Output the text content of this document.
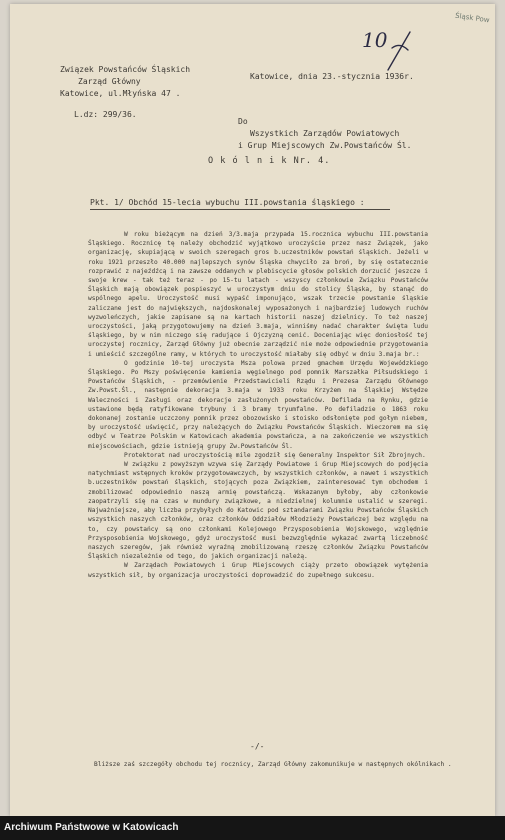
Związek Powstańców Śląskich
Zarząd Główny
Katowice, ul.Młyńska 47 .
Katowice, dnia 23.-stycznia 1936r.
L.dz: 299/36.
Do
Wszystkich Zarządów Powiatowych
i Grup Miejscowych Zw.Powstańców Śl.
O k ó l n i k Nr. 4.
Pkt. 1/ Obchód 15-lecia wybuchu III.powstania śląskiego :

W roku bieżącym na dzień 3/3.maja przypada 15.rocznica wybuchu III.powstania Śląskiego. Rocznicę tę należy obchodzić wyjątkowo uroczyście przez nasz Związek, jako organizację, skupiającą w swoich szeregach gros b.uczestników powstań śląskich. Jeżeli w roku 1921 przeszło 40.000 najlepszych synów Śląska chwyciło za broń, by się ostatecznie rozprawić z najeźdźcą i na zawsze oddanych w plebiscycie głosów polskich dorzucić jeszcze i swoje krew - tak też teraz - po 15-tu latach - wszyscy członkowie Związku Powstańców Śląskich mają obowiązek pospieszyć w uroczystym dniu do stolicy Śląska, by stanąć do wspólnego apelu. Uroczystość musi wypaść imponująco, wszak trzecie powstanie śląskie zaliczane jest do największych, najdoskonalej wyposażonych i najbardziej ludowych ruchów wyzwoleńczych, jakie zapisane są na kartach historii naszej dzielnicy. To też naszej uroczystości, jaką przygotowujemy na dzień 3.maja, winniśmy nadać charakter święta ludu śląskiego, by w nim niczego się radujące i Ojczyzną cenić. Doceniając więc doniosłość tej uroczystej rocznicy, Zarząd Główny już obecnie zarządzić nie może odpowiednie przygotowania i umieścić szczególne ramy, w których to uroczystość miałaby się odbyć w dniu 3.maja br.:

O godzinie 10-tej uroczysta Msza polowa przed gmachem Urzędu Wojewódzkiego Śląskiego. Po Mszy poświęcenie kamienia węgielnego pod pomnik Marszałka Piłsudskiego i Powstańców Śląskich, - przemówienie Przedstawicieli Rządu i Prezesa Zarządu Głównego Zw.Powst.Śl., następnie dekoracja 3.maja w 1933 roku Krzyżem na Śląskiej Wstędze Waleczności i Zasługi oraz dekoracje zasłużonych powstańców. Defilada na Rynku, gdzie ustawione będą ratyfikowane trybuny i 3 bramy tryumfalne. Po defiladzie o 1863 roku dokonanej zostanie uczczony pomnik przez obozowisko i stoisko odsłonięte pod gołym niebem, by uroczystość uświęcić, przy należących do Związku Powstańców Śląskich. Wieczorem ma się odbyć w Teatrze Polskim w Katowicach akademia powstańcza, a na zakończenie we wszystkich miejscowościach, gdzie istnieją grupy Zw.Powstańców Śl.

Protektorat nad uroczystością mile zgodził się Generalny Inspektor Sił Zbrojnych.

W związku z powyższym wzywa się Zarządy Powiatowe i Grup Miejscowych do podjęcia natychmiast wstępnych kroków przygotowawczych, by wszystkich członków, a nawet i wszystkich b.uczestników powstań śląskich, stojących poza Związkiem, zainteresować tym obchodem i zmobilizować odpowiednio naszą armię powstańczą. Wskazanym byłoby, aby członkowie zaopatrzyli się na czas w mundury związkowe, a niedzielnej kolumnie ustalić w szeregi. Najważniejsze, aby liczba przybyłych do Katowic pod sztandarami Związku Powstańców Śląskich wszystkich naszych członków, oraz członków Oddziałów Młodzieży Powstańczej bez względu na to, czy powstańcy są ono członkami Kolejowego Przysposobienia Wojskowego, względnie Przysposobienia Wojskowego, gdyż uroczystość musi bezwzględnie wykazać zwartą liczebność naszych szeregów, jak również wyraźną zmobilizowaną rzeszę członków Związku Powstańców Śląskich niezależnie od tego, do jakich organizacji należą.

W Zarządach Powiatowych i Grup Miejscowych ciąży przeto obowiązek wytężenia wszystkich sił, by organizacja uroczystości doprowadzić do zupełnego sukcesu.

-/-
Bliższe zaś szczegóły obchodu tej rocznicy, Zarząd Główny zakomunikuje w następnych okólnikach .
10
Śląsk Pow
Archiwum Państwowe w Katowicach
